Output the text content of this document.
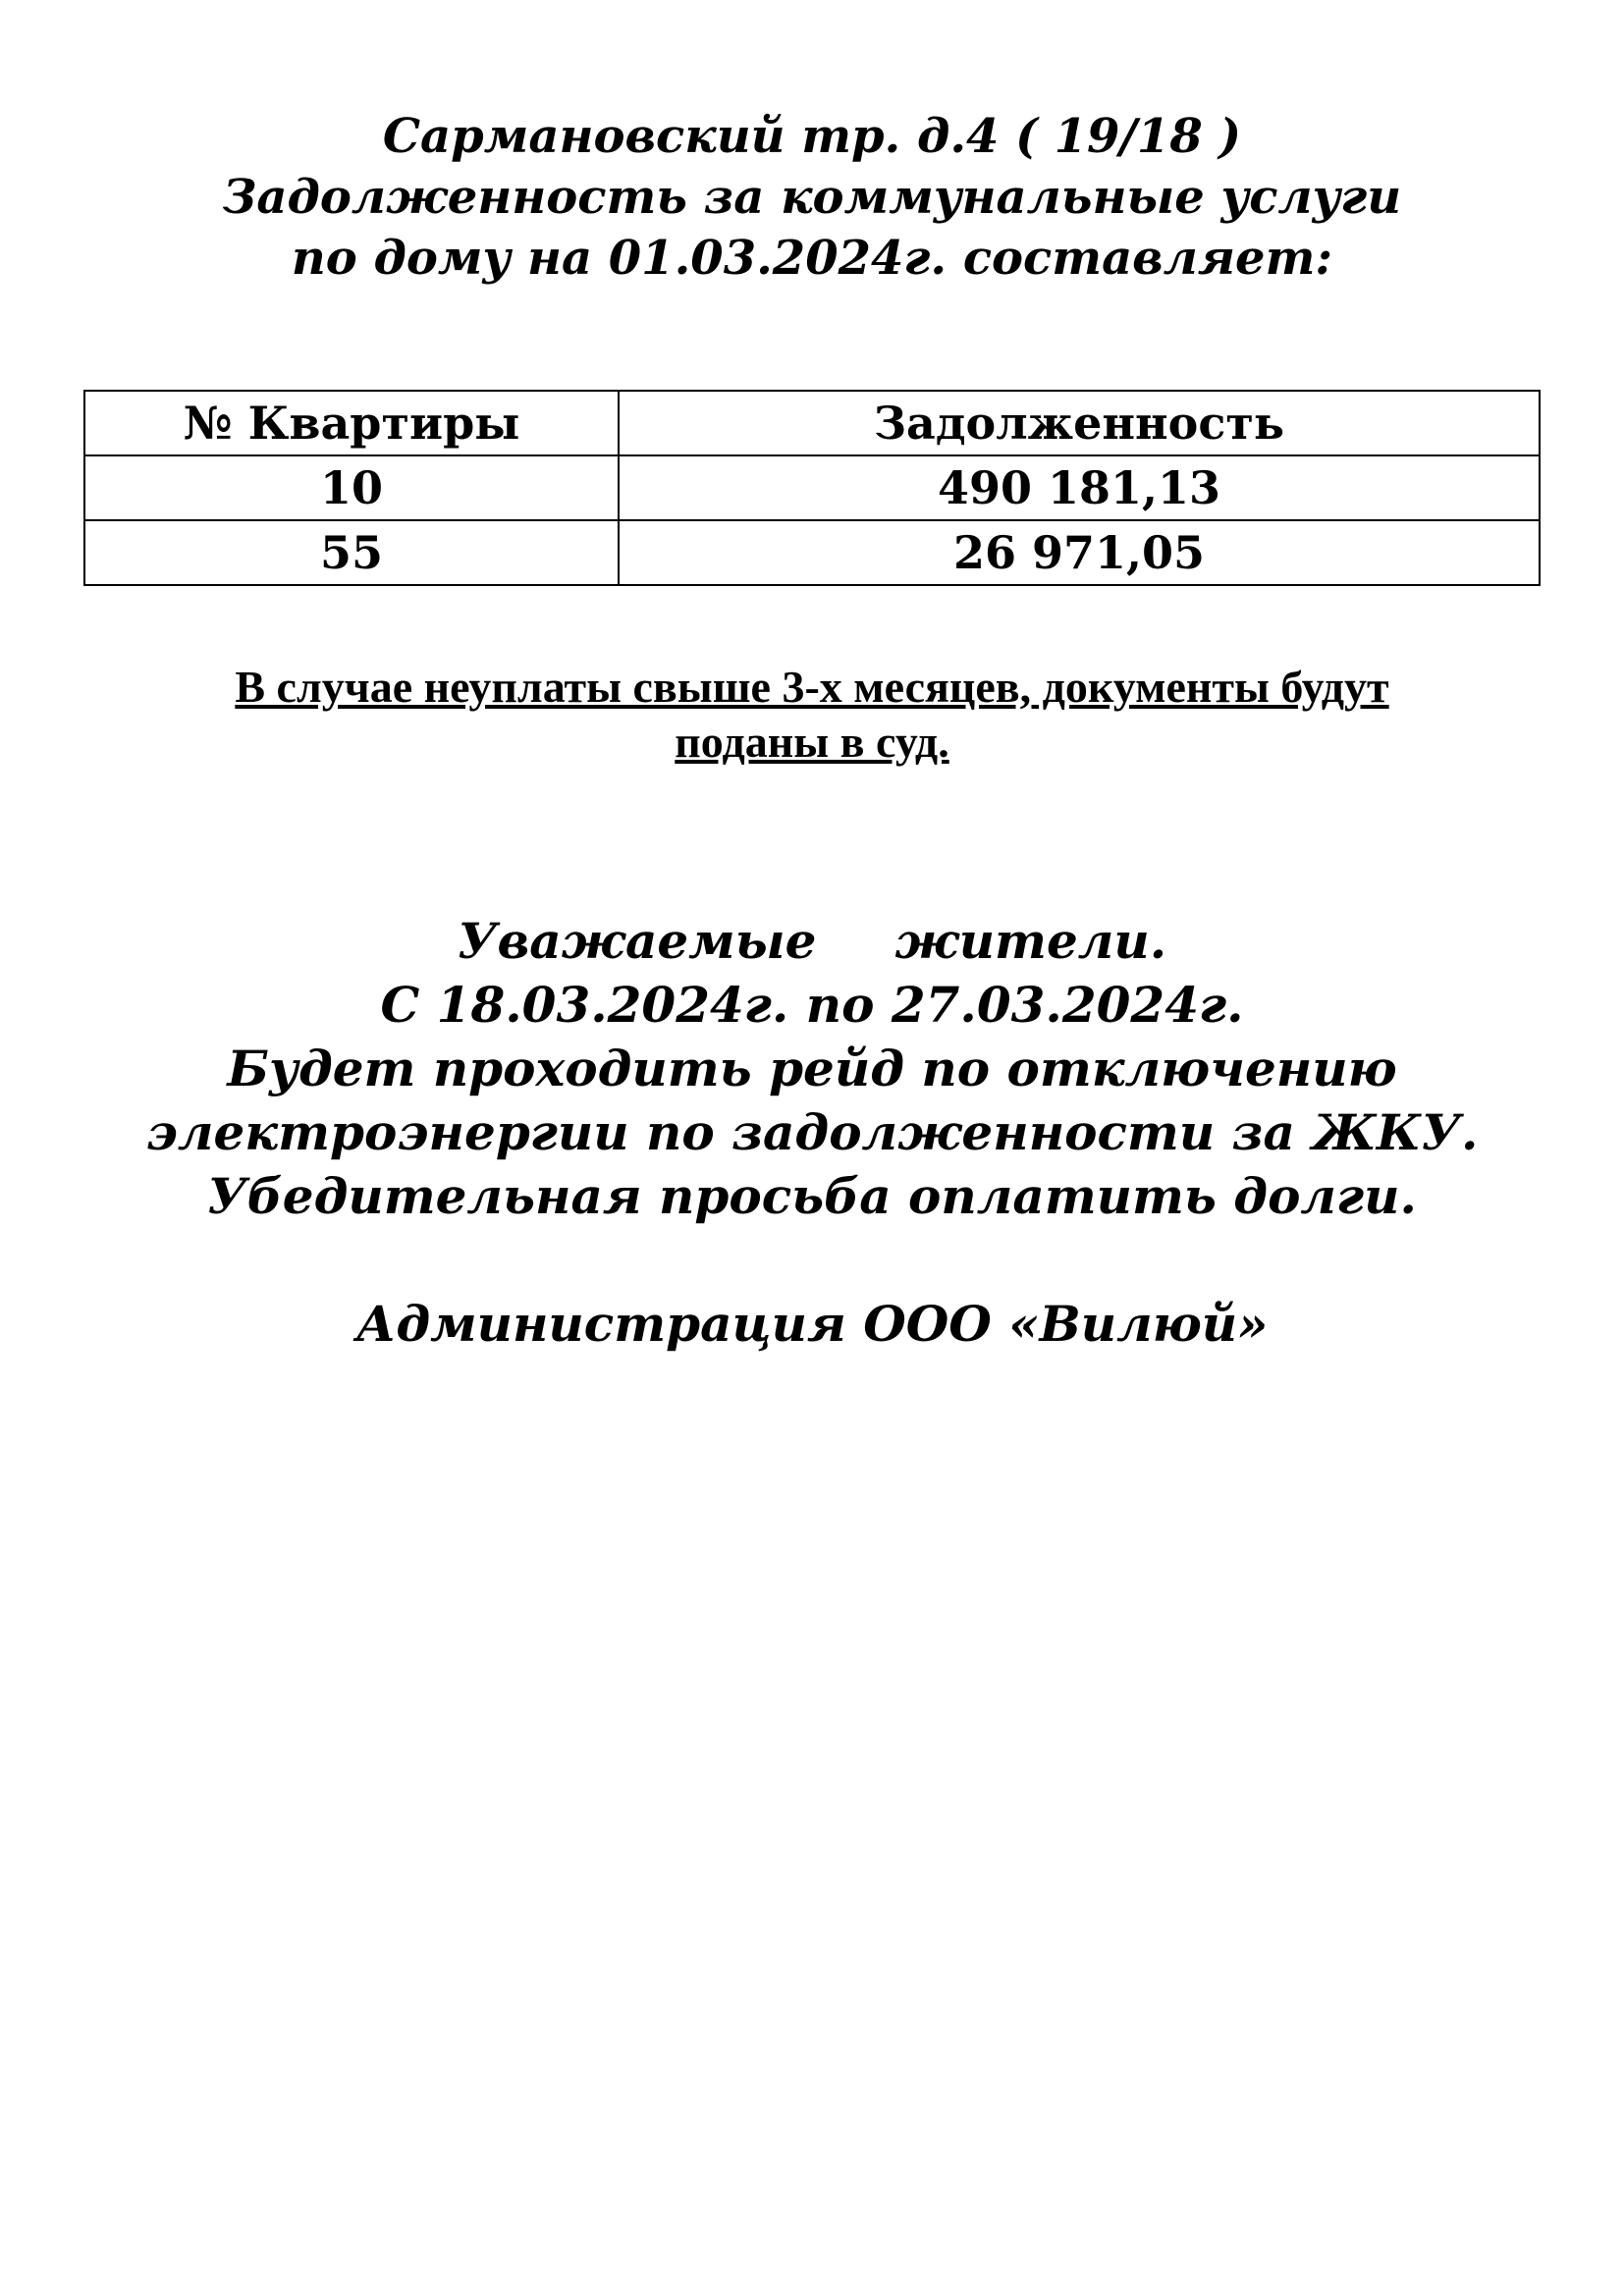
Сармановский тр. д.4 ( 19/18 )
Задолженность за коммунальные услуги
по дому на 01.03.2024г. составляет:
№ Квартиры	Задолженность
10	490 181,13
55	26 971,05
В случае неуплаты свыше 3-х месяцев, документы будут
поданы в суд.
Уважаемые жители.
С 18.03.2024г. по 27.03.2024г.
Будет проходить рейд по отключению
электроэнергии по задолженности за ЖКУ.
Убедительная просьба оплатить долги.
Администрация ООО «Вилюй»
